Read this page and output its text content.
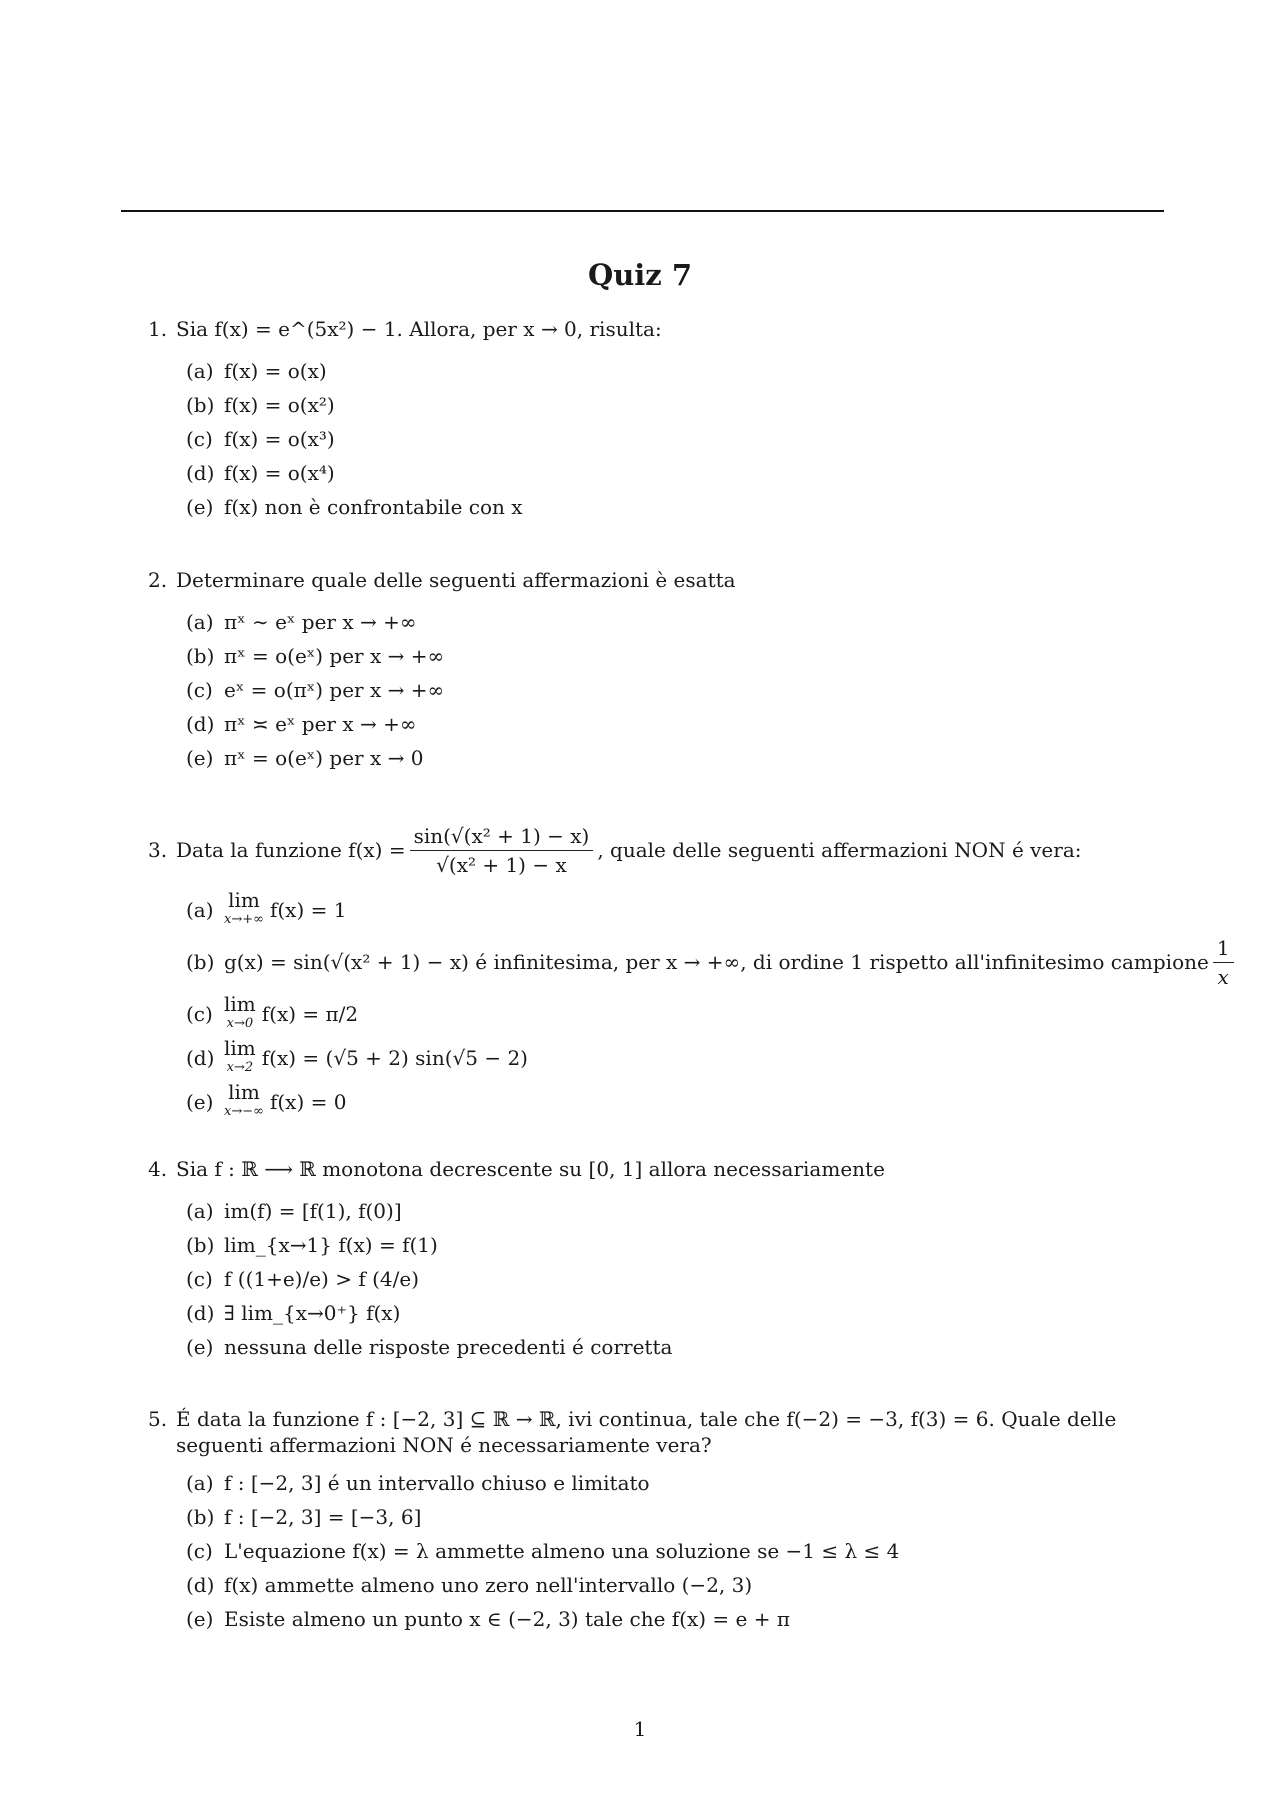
Quiz 7
1. Sia f(x) = e^(5x²) − 1. Allora, per x → 0, risulta:
(a) f(x) = o(x)
(b) f(x) = o(x²)
(c) f(x) = o(x³)
(d) f(x) = o(x⁴)
(e) f(x) non è confrontabile con x
2. Determinare quale delle seguenti affermazioni è esatta
(a) πˣ ∼ eˣ per x → +∞
(b) πˣ = o(eˣ) per x → +∞
(c) eˣ = o(πˣ) per x → +∞
(d) πˣ ≍ eˣ per x → +∞
(e) πˣ = o(eˣ) per x → 0
3. Data la funzione $f(x) = \frac{\text{sin(√(x² + 1) − x)}}{\text{√(x² + 1) − x}}$ , quale delle seguenti affermazioni NON é vera:
(a) lim
x→+∞ f(x) = 1
(b) g(x) = sin(√(x² + 1) − x) é infinitesima, per x → +∞, di ordine 1 rispetto all'infinitesimo campione $\frac{1}{x}$
(c) lim
x→0 f(x) = π/2
(d) lim
x→2 f(x) = (√5 + 2) sin(√5 − 2)
(e) lim
x→−∞ f(x) = 0
4. Sia f : ℝ ⟶ ℝ monotona decrescente su [0, 1] allora necessariamente
(a) im(f) = [f(1), f(0)]
(b) lim_{x→1} f(x) = f(1)
(c) f ((1+e)/e) > f (4/e)
(d) ∃ lim_{x→0⁺} f(x)
(e) nessuna delle risposte precedenti é corretta
5. É data la funzione f : [−2, 3] ⊆ ℝ → ℝ, ivi continua, tale che f(−2) = −3, f(3) = 6. Quale delle seguenti affermazioni NON é necessariamente vera?
(a) f : [−2, 3] é un intervallo chiuso e limitato
(b) f : [−2, 3] = [−3, 6]
(c) L'equazione f(x) = λ ammette almeno una soluzione se −1 ≤ λ ≤ 4
(d) f(x) ammette almeno uno zero nell'intervallo (−2, 3)
(e) Esiste almeno un punto x ∈ (−2, 3) tale che f(x) = e + π
1
